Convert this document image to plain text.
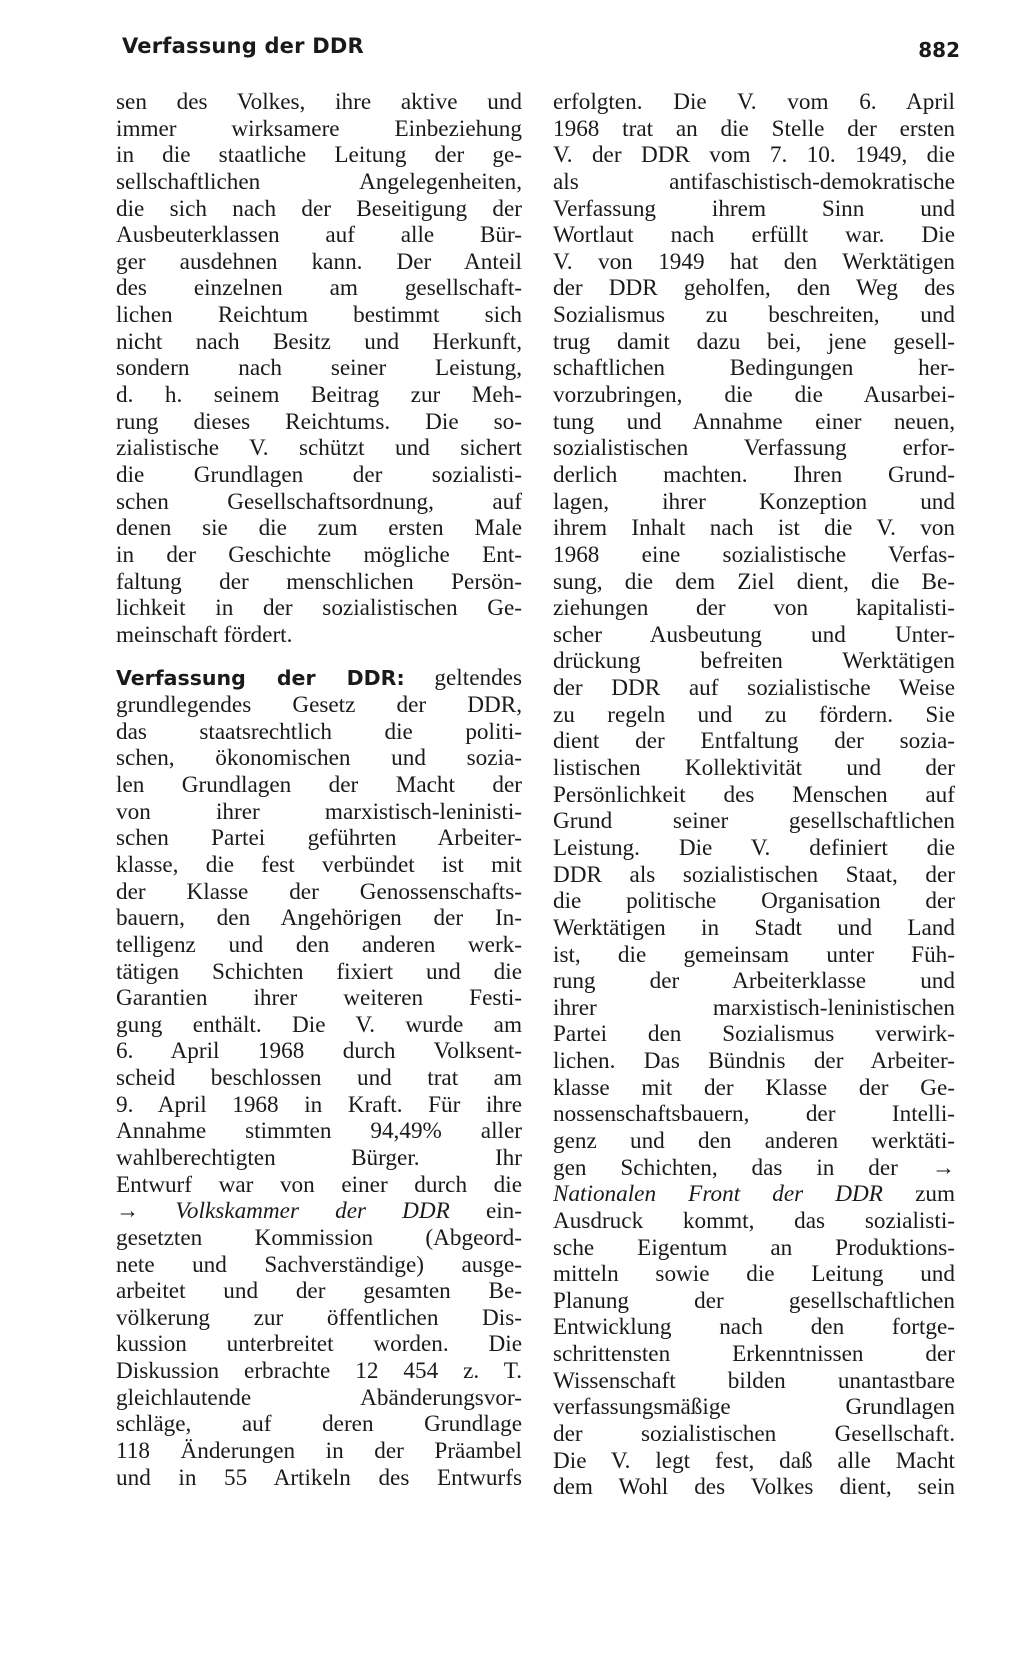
Verfassung der DDR	882
sen des Volkes, ihre aktive und
immer wirksamere Einbeziehung
in die staatliche Leitung der ge-
sellschaftlichen Angelegenheiten,
die sich nach der Beseitigung der
Ausbeuterklassen auf alle Bür-
ger ausdehnen kann. Der Anteil
des einzelnen am gesellschaft-
lichen Reichtum bestimmt sich
nicht nach Besitz und Herkunft,
sondern nach seiner Leistung,
d. h. seinem Beitrag zur Meh-
rung dieses Reichtums. Die so-
zialistische V. schützt und sichert
die Grundlagen der sozialisti-
schen Gesellschaftsordnung, auf
denen sie die zum ersten Male
in der Geschichte mögliche Ent-
faltung der menschlichen Persön-
lichkeit in der sozialistischen Ge-
meinschaft fördert.
Verfassung der DDR: geltendes
grundlegendes Gesetz der DDR,
das staatsrechtlich die politi-
schen, ökonomischen und sozia-
len Grundlagen der Macht der
von ihrer marxistisch-leninisti-
schen Partei geführten Arbeiter-
klasse, die fest verbündet ist mit
der Klasse der Genossenschafts-
bauern, den Angehörigen der In-
telligenz und den anderen werk-
tätigen Schichten fixiert und die
Garantien ihrer weiteren Festi-
gung enthält. Die V. wurde am
6. April 1968 durch Volksent-
scheid beschlossen und trat am
9. April 1968 in Kraft. Für ihre
Annahme stimmten 94,49% aller
wahlberechtigten Bürger. Ihr
Entwurf war von einer durch die
→ Volkskammer der DDR ein-
gesetzten Kommission (Abgeord-
nete und Sachverständige) ausge-
arbeitet und der gesamten Be-
völkerung zur öffentlichen Dis-
kussion unterbreitet worden. Die
Diskussion erbrachte 12 454 z. T.
gleichlautende Abänderungsvor-
schläge, auf deren Grundlage
118 Änderungen in der Präambel
und in 55 Artikeln des Entwurfs
erfolgten. Die V. vom 6. April
1968 trat an die Stelle der ersten
V. der DDR vom 7. 10. 1949, die
als antifaschistisch-demokratische
Verfassung ihrem Sinn und
Wortlaut nach erfüllt war. Die
V. von 1949 hat den Werktätigen
der DDR geholfen, den Weg des
Sozialismus zu beschreiten, und
trug damit dazu bei, jene gesell-
schaftlichen Bedingungen her-
vorzubringen, die die Ausarbei-
tung und Annahme einer neuen,
sozialistischen Verfassung erfor-
derlich machten. Ihren Grund-
lagen, ihrer Konzeption und
ihrem Inhalt nach ist die V. von
1968 eine sozialistische Verfas-
sung, die dem Ziel dient, die Be-
ziehungen der von kapitalisti-
scher Ausbeutung und Unter-
drückung befreiten Werktätigen
der DDR auf sozialistische Weise
zu regeln und zu fördern. Sie
dient der Entfaltung der sozia-
listischen Kollektivität und der
Persönlichkeit des Menschen auf
Grund seiner gesellschaftlichen
Leistung. Die V. definiert die
DDR als sozialistischen Staat, der
die politische Organisation der
Werktätigen in Stadt und Land
ist, die gemeinsam unter Füh-
rung der Arbeiterklasse und
ihrer marxistisch-leninistischen
Partei den Sozialismus verwirk-
lichen. Das Bündnis der Arbeiter-
klasse mit der Klasse der Ge-
nossenschaftsbauern, der Intelli-
genz und den anderen werktäti-
gen Schichten, das in der →
Nationalen Front der DDR zum
Ausdruck kommt, das sozialisti-
sche Eigentum an Produktions-
mitteln sowie die Leitung und
Planung der gesellschaftlichen
Entwicklung nach den fortge-
schrittensten Erkenntnissen der
Wissenschaft bilden unantastbare
verfassungsmäßige Grundlagen
der sozialistischen Gesellschaft.
Die V. legt fest, daß alle Macht
dem Wohl des Volkes dient, sein
